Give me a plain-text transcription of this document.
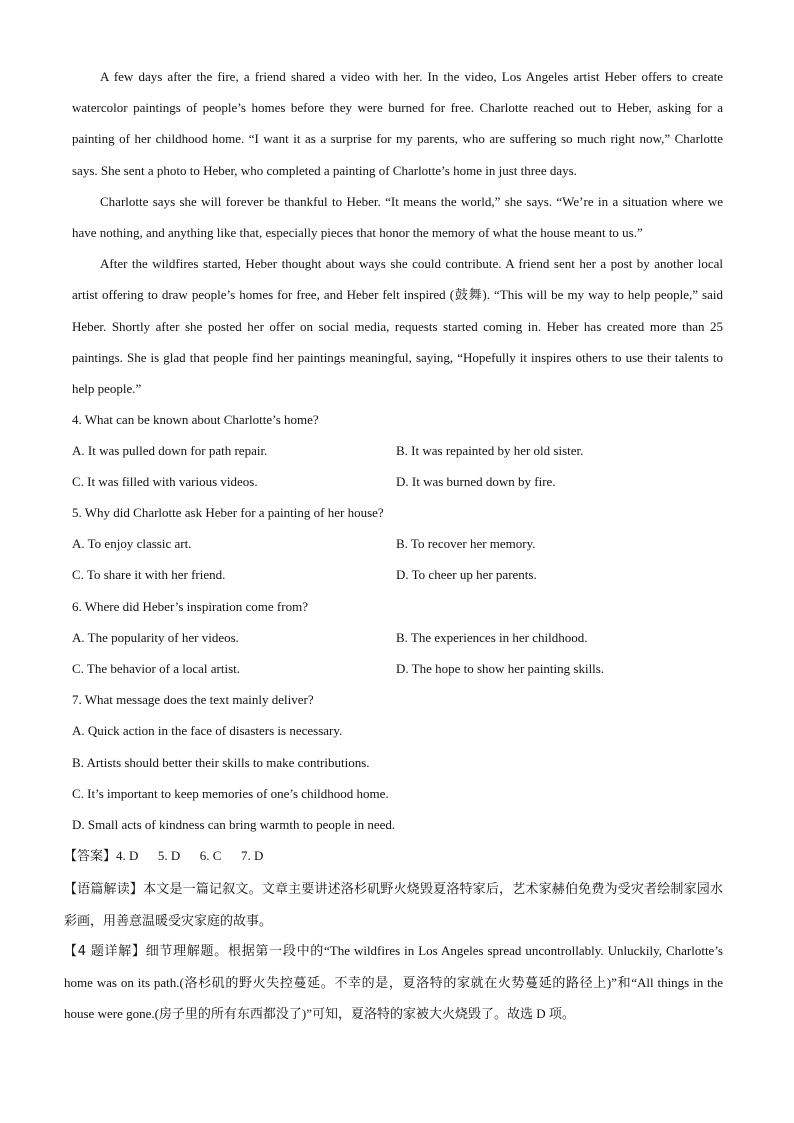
A few days after the fire, a friend shared a video with her. In the video, Los Angeles artist Heber offers to create watercolor paintings of people’s homes before they were burned for free. Charlotte reached out to Heber, asking for a painting of her childhood home. “I want it as a surprise for my parents, who are suffering so much right now,” Charlotte says. She sent a photo to Heber, who completed a painting of Charlotte’s home in just three days.

Charlotte says she will forever be thankful to Heber. “It means the world,” she says. “We’re in a situation where we have nothing, and anything like that, especially pieces that honor the memory of what the house meant to us.”

After the wildfires started, Heber thought about ways she could contribute. A friend sent her a post by another local artist offering to draw people’s homes for free, and Heber felt inspired (鼓舞). “This will be my way to help people,” said Heber. Shortly after she posted her offer on social media, requests started coming in. Heber has created more than 25 paintings. She is glad that people find her paintings meaningful, saying, “Hopefully it inspires others to use their talents to help people.”

4. What can be known about Charlotte’s home?
A. It was pulled down for path repair.	B. It was repainted by her old sister.
C. It was filled with various videos.	D. It was burned down by fire.
5. Why did Charlotte ask Heber for a painting of her house?
A. To enjoy classic art.	B. To recover her memory.
C. To share it with her friend.	D. To cheer up her parents.
6. Where did Heber’s inspiration come from?
A. The popularity of her videos.	B. The experiences in her childhood.
C. The behavior of a local artist.	D. The hope to show her painting skills.
7. What message does the text mainly deliver?
A. Quick action in the face of disasters is necessary.
B. Artists should better their skills to make contributions.
C. It’s important to keep memories of one’s childhood home.
D. Small acts of kindness can bring warmth to people in need.
【答案】4. D      5. D      6. C      7. D

【语篇解读】本文是一篇记叙文。文章主要讲述洛杉矶野火烧毁夏洛特家后，艺术家赫伯免费为受灾者绘制家园水彩画，用善意温暖受灾家庭的故事。

【4 题详解】细节理解题。根据第一段中的“The wildfires in Los Angeles spread uncontrollably. Unluckily, Charlotte’s home was on its path.(洛杉矶的野火失控蔓延。不幸的是，夏洛特的家就在火势蔓延的路径上)”和“All things in the house were gone.(房子里的所有东西都没了)”可知，夏洛特的家被大火烧毁了。故选 D 项。
